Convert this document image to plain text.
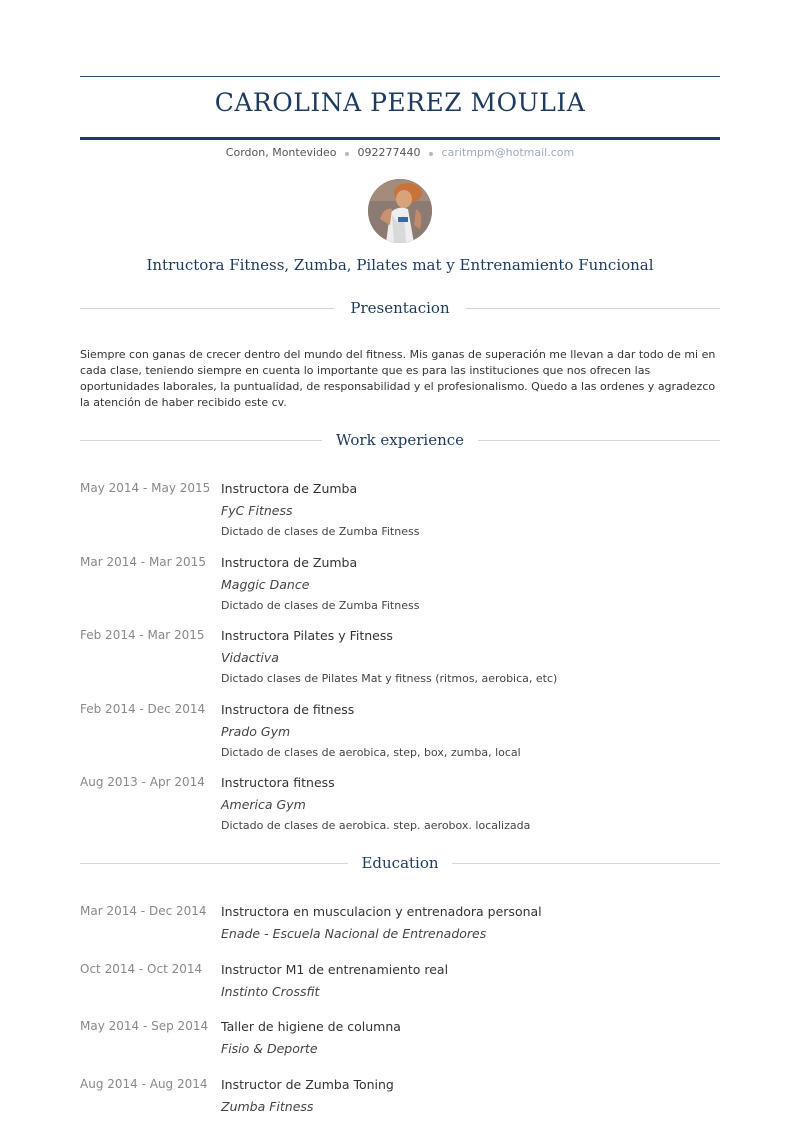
CAROLINA PEREZ MOULIA
Cordon, Montevideo 092277440 caritmpm@hotmail.com
Intructora Fitness, Zumba, Pilates mat y Entrenamiento Funcional
Presentacion

Siempre con ganas de crecer dentro del mundo del fitness. Mis ganas de superación me llevan a dar todo de mi en cada clase, teniendo siempre en cuenta lo importante que es para las instituciones que nos ofrecen las oportunidades laborales, la puntualidad, de responsabilidad y el profesionalismo. Quedo a las ordenes y agradezco la atención de haber recibido este cv.

Work experience
May 2014 - May 2015 Instructora de Zumba
FyC Fitness
Dictado de clases de Zumba Fitness
Mar 2014 - Mar 2015	Instructora de Zumba
Maggic Dance
Dictado de clases de Zumba Fitness
Feb 2014 - Mar 2015	Instructora Pilates y Fitness
Vidactiva
Dictado clases de Pilates Mat y fitness (ritmos, aerobica, etc)
Feb 2014 - Dec 2014	Instructora de fitness
Prado Gym
Dictado de clases de aerobica, step, box, zumba, local
Aug 2013 - Apr 2014	Instructora fitness
America Gym
Dictado de clases de aerobica. step. aerobox. localizada
Education
Mar 2014 - Dec 2014	Instructora en musculacion y entrenadora personal
Enade - Escuela Nacional de Entrenadores
Oct 2014 - Oct 2014	Instructor M1 de entrenamiento real
Instinto Crossfit
May 2014 - Sep 2014	Taller de higiene de columna
Fisio & Deporte
Aug 2014 - Aug 2014	Instructor de Zumba Toning
Zumba Fitness
